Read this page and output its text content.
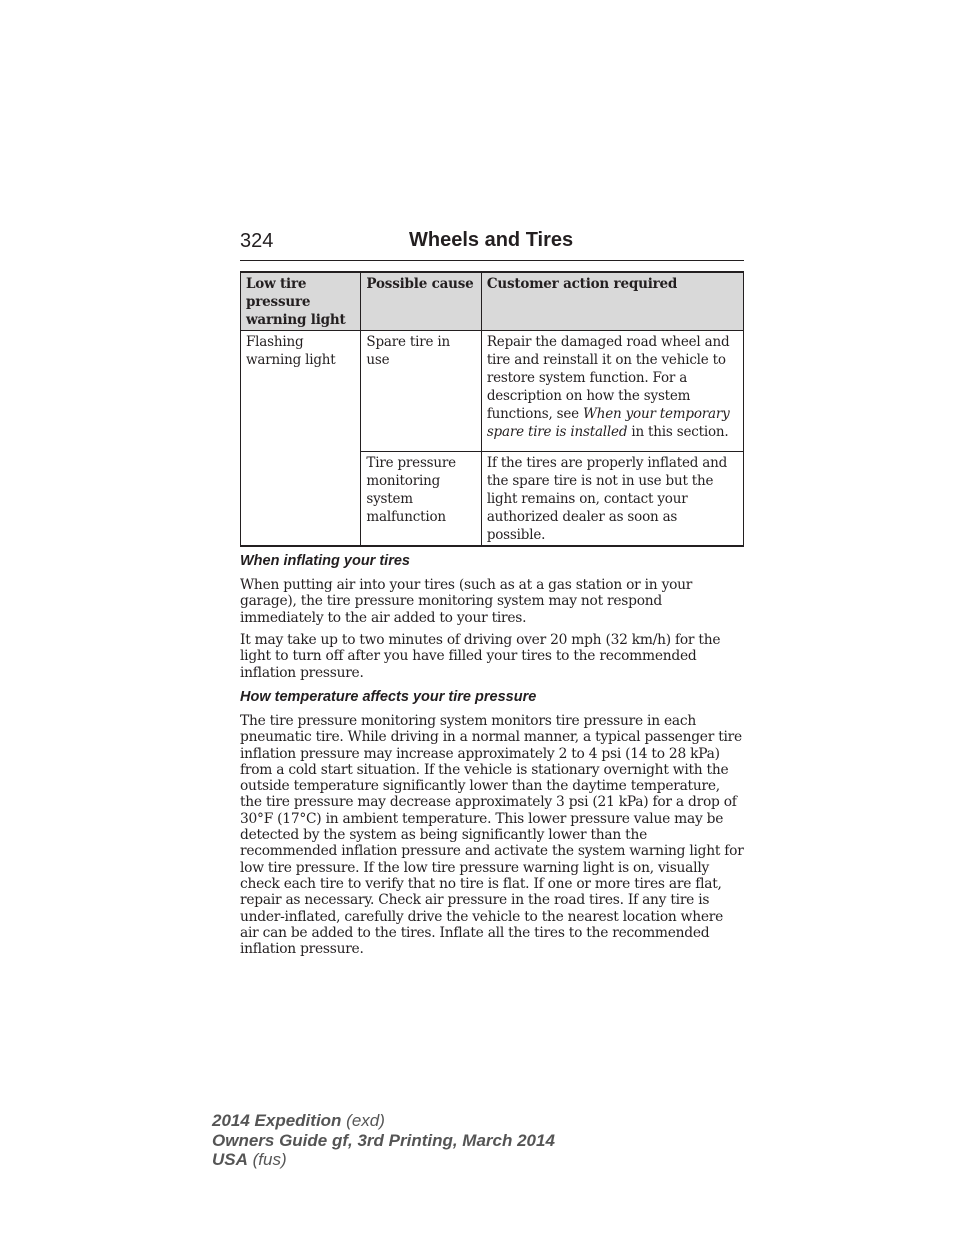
324	Wheels and Tires
Low tire pressure warning light	Possible cause	Customer action required
Flashing warning light	Spare tire in use	Repair the damaged road wheel and tire and reinstall it on the vehicle to restore system function. For a description on how the system functions, see When your temporary spare tire is installed in this section.
	Tire pressure monitoring system malfunction	If the tires are properly inflated and the spare tire is not in use but the light remains on, contact your authorized dealer as soon as possible.
When inflating your tires

When putting air into your tires (such as at a gas station or in your garage), the tire pressure monitoring system may not respond immediately to the air added to your tires.

It may take up to two minutes of driving over 20 mph (32 km/h) for the light to turn off after you have filled your tires to the recommended inflation pressure.

How temperature affects your tire pressure

The tire pressure monitoring system monitors tire pressure in each pneumatic tire. While driving in a normal manner, a typical passenger tire inflation pressure may increase approximately 2 to 4 psi (14 to 28 kPa) from a cold start situation. If the vehicle is stationary overnight with the outside temperature significantly lower than the daytime temperature, the tire pressure may decrease approximately 3 psi (21 kPa) for a drop of 30°F (17°C) in ambient temperature. This lower pressure value may be detected by the system as being significantly lower than the recommended inflation pressure and activate the system warning light for low tire pressure. If the low tire pressure warning light is on, visually check each tire to verify that no tire is flat. If one or more tires are flat, repair as necessary. Check air pressure in the road tires. If any tire is under-inflated, carefully drive the vehicle to the nearest location where air can be added to the tires. Inflate all the tires to the recommended inflation pressure.

2014 Expedition (exd)
Owners Guide gf, 3rd Printing, March 2014
USA (fus)
